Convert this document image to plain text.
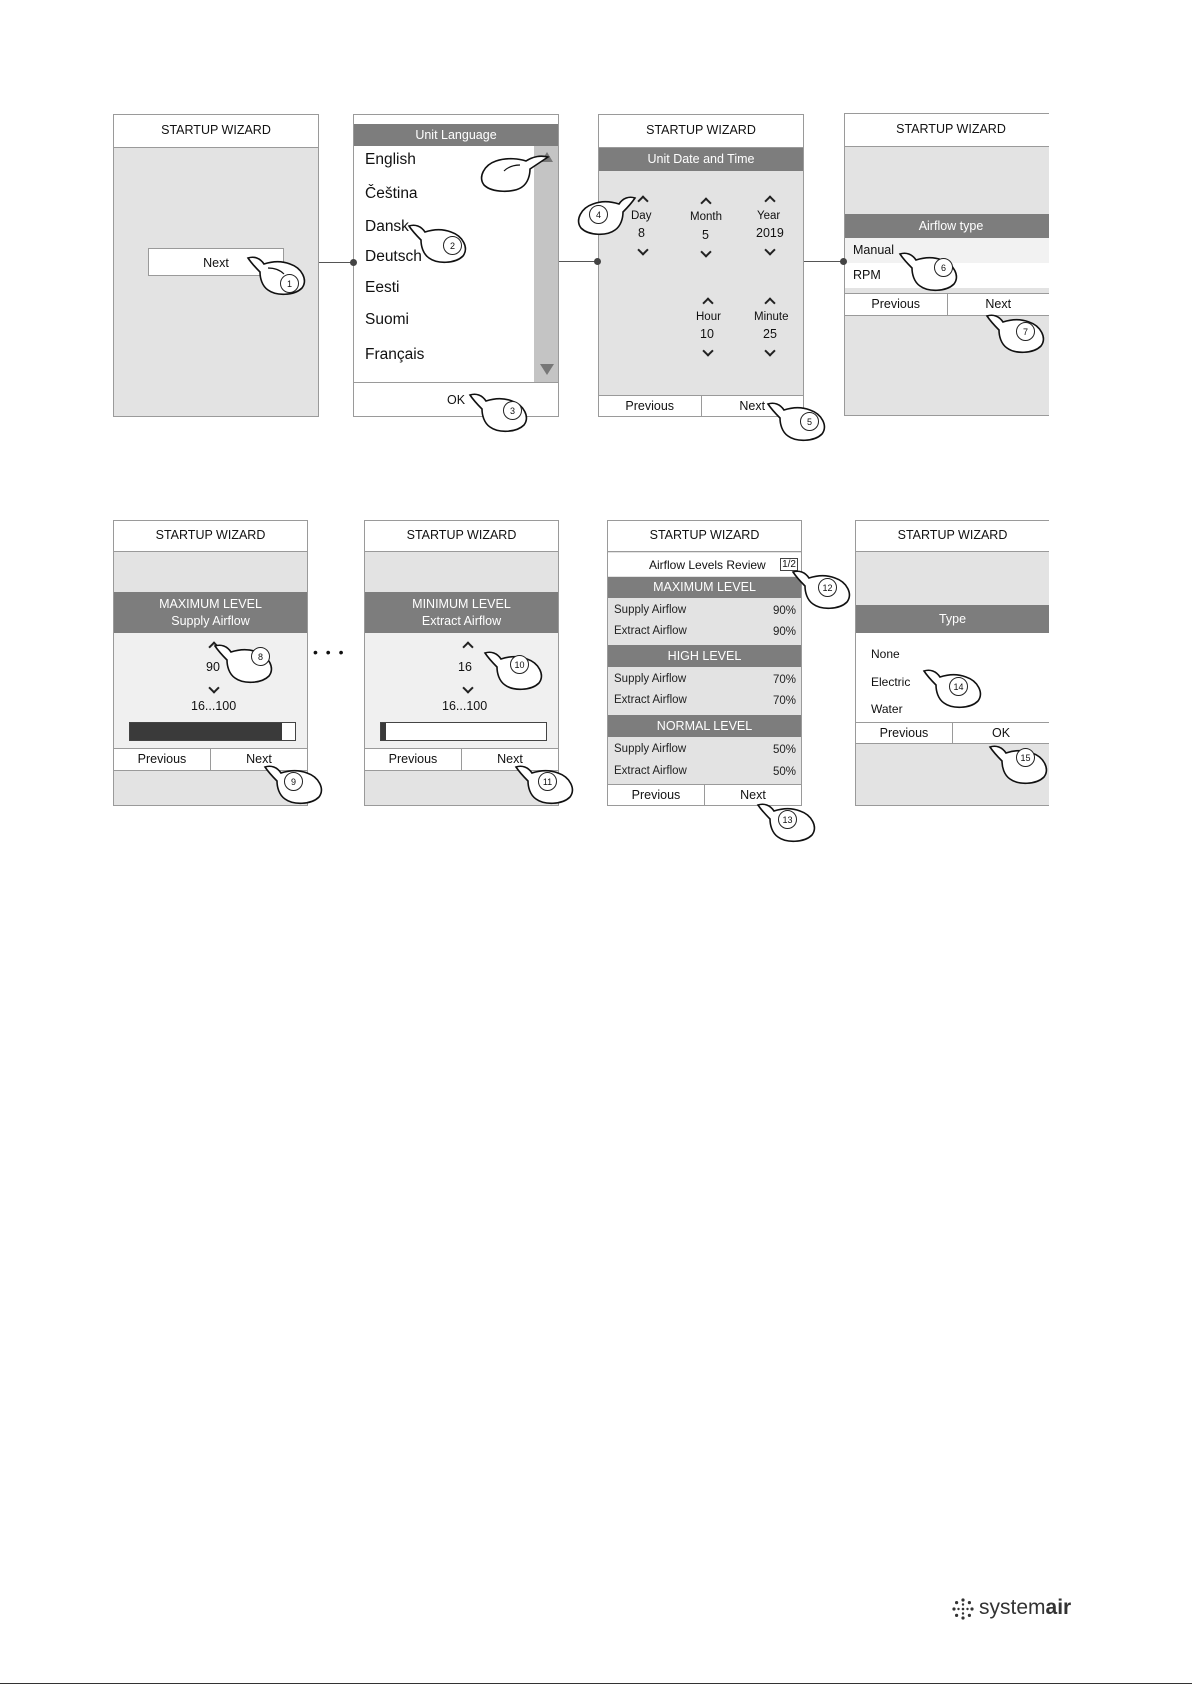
STARTUP WIZARD
Next
Unit Language
English
Čeština
Dansk
Deutsch
Eesti
Suomi
Français
OK
STARTUP WIZARD
Unit Date and Time
Day
8
Month
5
Year
2019
Hour
10
Minute
25
Previous	Next
STARTUP WIZARD
Airflow type
Manual
RPM
Previous	Next
STARTUP WIZARD
MAXIMUM LEVEL
Supply Airflow
90
16...100
Previous	Next
• • •
STARTUP WIZARD
MINIMUM LEVEL
Extract Airflow
16
16...100
Previous	Next
STARTUP WIZARD
Airflow Levels Review 1/2
MAXIMUM LEVEL
Supply Airflow	90%
Extract Airflow	90%
HIGH LEVEL
Supply Airflow	70%
Extract Airflow	70%
NORMAL LEVEL
Supply Airflow	50%
Extract Airflow	50%
Previous	Next
STARTUP WIZARD
Type
None
Electric
Water
Previous	OK
1
2
3
4
5
6
7
8
9
10
11
12
13
14
15
systemair
